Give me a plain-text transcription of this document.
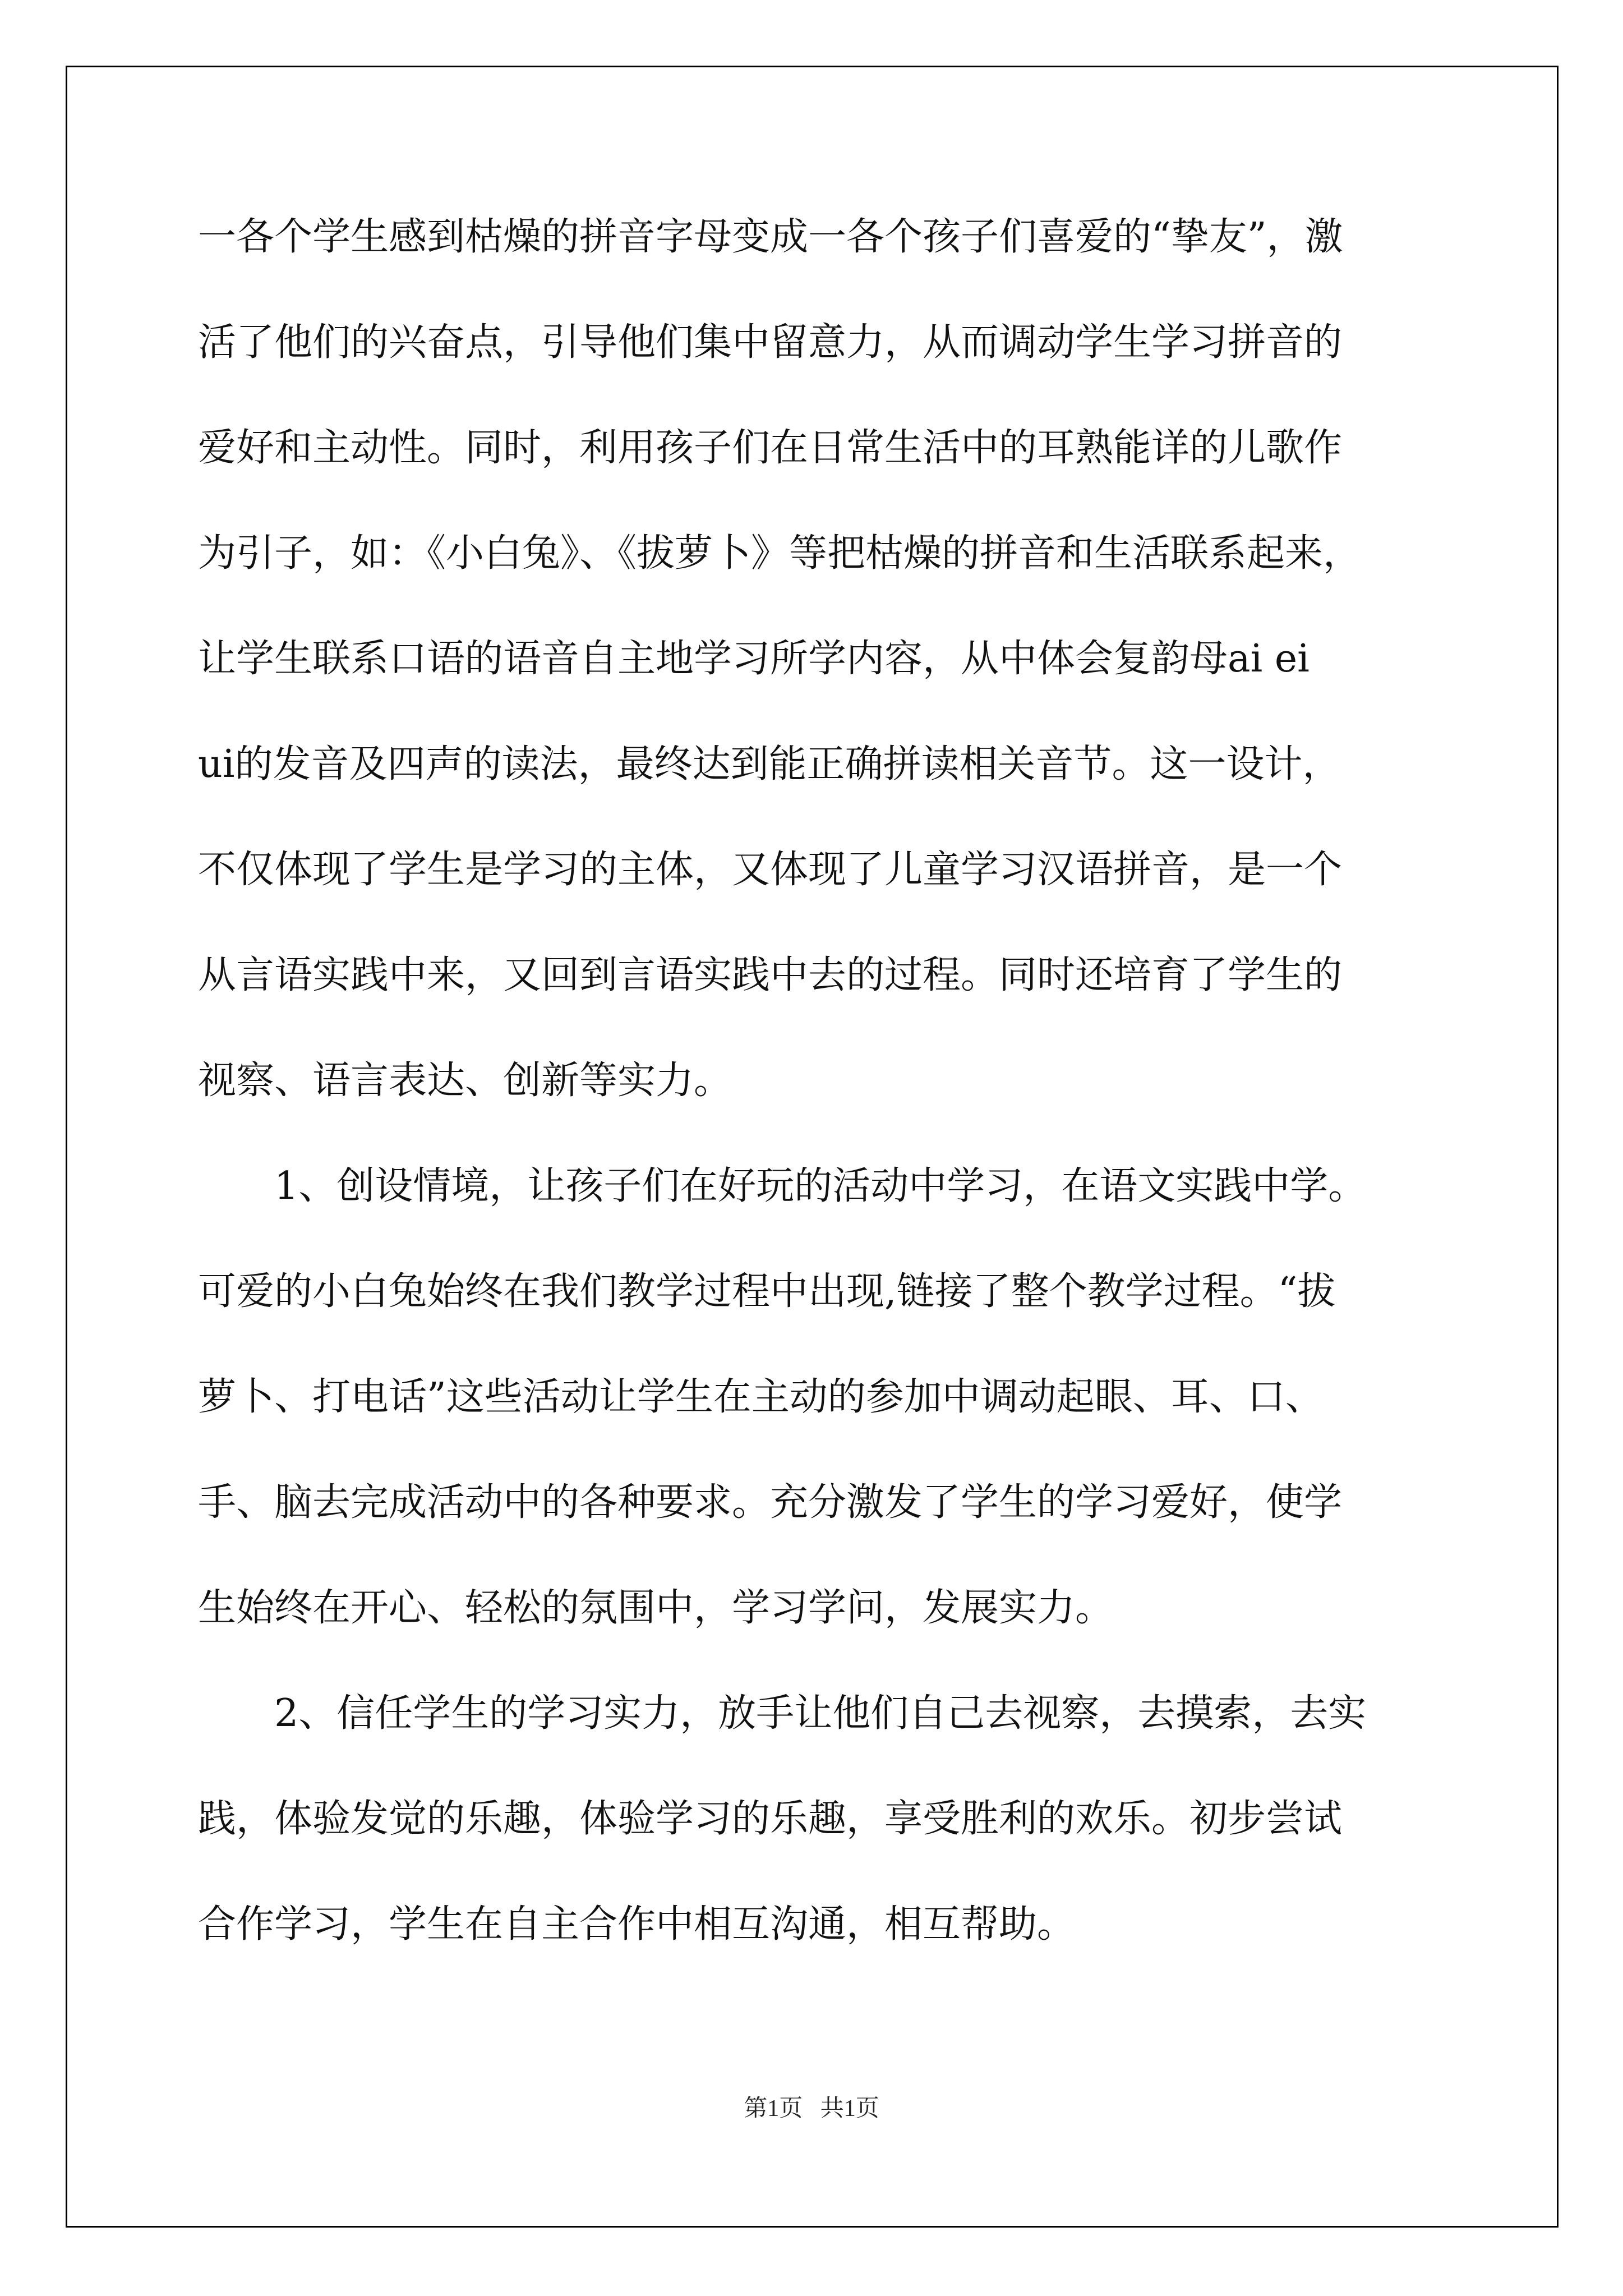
一各个学生感到枯燥的拼音字母变成一各个孩子们喜爱的“挚友”，激
活了他们的兴奋点，引导他们集中留意力，从而调动学生学习拼音的
爱好和主动性。同时，利用孩子们在日常生活中的耳熟能详的儿歌作
为引子，如：《小白兔》、《拔萝卜》等把枯燥的拼音和生活联系起来，
让学生联系口语的语音自主地学习所学内容，从中体会复韵母ai ei
ui的发音及四声的读法，最终达到能正确拼读相关音节。这一设计，
不仅体现了学生是学习的主体，又体现了儿童学习汉语拼音，是一个
从言语实践中来，又回到言语实践中去的过程。同时还培育了学生的
视察、语言表达、创新等实力。
1、创设情境，让孩子们在好玩的活动中学习，在语文实践中学。
可爱的小白兔始终在我们教学过程中出现,链接了整个教学过程。“拔
萝卜、打电话”这些活动让学生在主动的参加中调动起眼、耳、口、
手、脑去完成活动中的各种要求。充分激发了学生的学习爱好，使学
生始终在开心、轻松的氛围中，学习学问，发展实力。
2、信任学生的学习实力，放手让他们自己去视察，去摸索，去实
践，体验发觉的乐趣，体验学习的乐趣，享受胜利的欢乐。初步尝试
合作学习，学生在自主合作中相互沟通，相互帮助。
第1页   共1页
